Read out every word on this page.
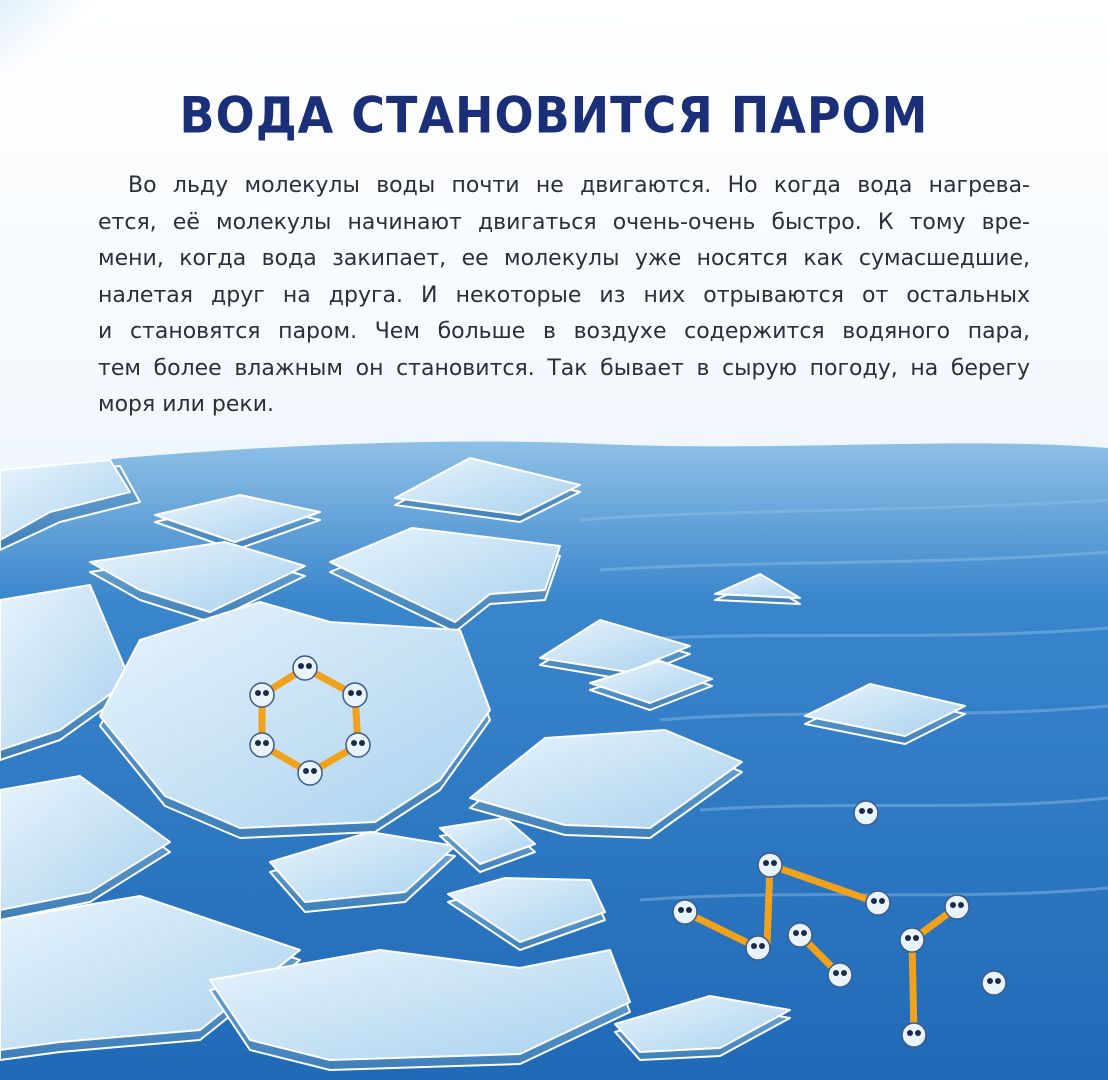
ВОДА СТАНОВИТСЯ ПАРОМ
Во льду молекулы воды почти не двигаются. Но когда вода нагрева-
ется, её молекулы начинают двигаться очень-очень быстро. К тому вре-
мени, когда вода закипает, ее молекулы уже носятся как сумасшедшие,
налетая друг на друга. И некоторые из них отрываются от остальных
и становятся паром. Чем больше в воздухе содержится водяного пара,
тем более влажным он становится. Так бывает в сырую погоду, на берегу
моря или реки.
